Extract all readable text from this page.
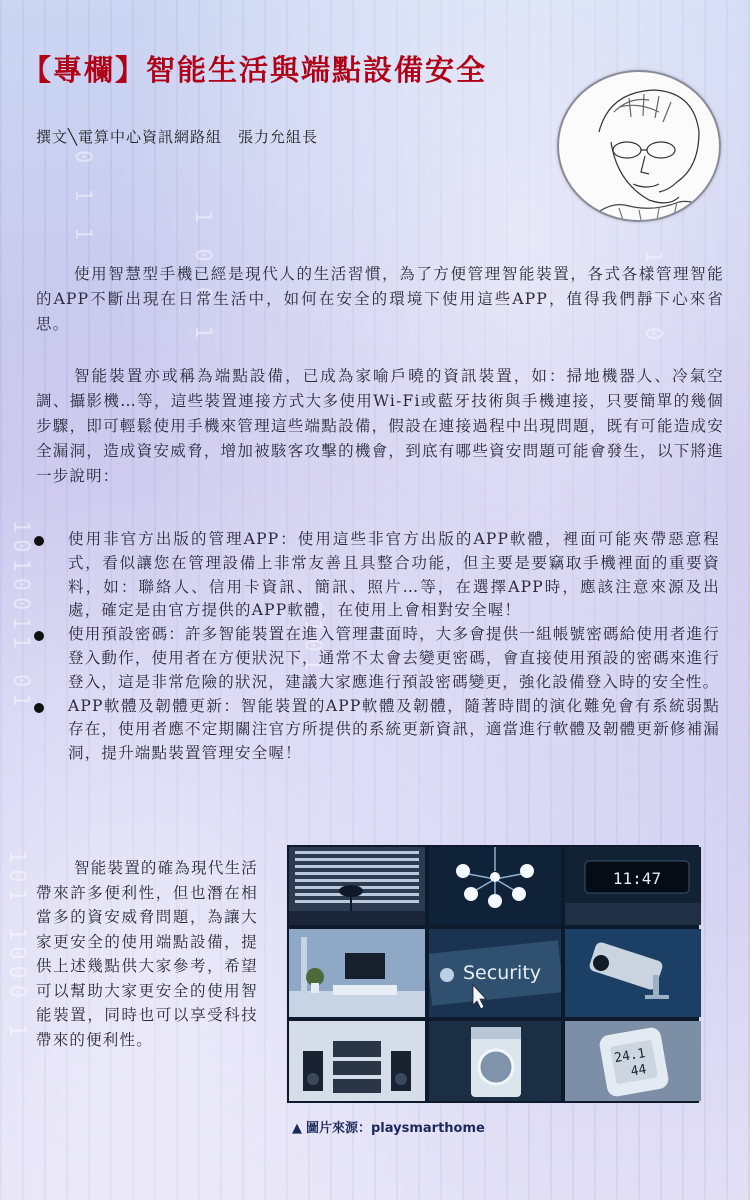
1010011 01
0 1 1 0	1 0 0 1
0101
1 1 0
101 1000 1
【專欄】智能生活與端點設備安全
撰文╲電算中心資訊網路組　張力允組長
使用智慧型手機已經是現代人的生活習慣，為了方便管理智能裝置，各式各樣管理智能的APP不斷出現在日常生活中，如何在安全的環境下使用這些APP，值得我們靜下心來省思。
智能裝置亦或稱為端點設備，已成為家喻戶曉的資訊裝置，如：掃地機器人、冷氣空調、攝影機…等，這些裝置連接方式大多使用Wi-Fi或藍牙技術與手機連接，只要簡單的幾個步驟，即可輕鬆使用手機來管理這些端點設備，假設在連接過程中出現問題，既有可能造成安全漏洞，造成資安威脅，增加被駭客攻擊的機會，到底有哪些資安問題可能會發生，以下將進一步說明：
使用非官方出版的管理APP：使用這些非官方出版的APP軟體，裡面可能夾帶惡意程式，看似讓您在管理設備上非常友善且具整合功能，但主要是要竊取手機裡面的重要資料，如：聯絡人、信用卡資訊、簡訊、照片…等，在選擇APP時，應該注意來源及出處，確定是由官方提供的APP軟體，在使用上會相對安全喔！
使用預設密碼：許多智能裝置在進入管理畫面時，大多會提供一組帳號密碼給使用者進行登入動作，使用者在方便狀況下，通常不太會去變更密碼，會直接使用預設的密碼來進行登入，這是非常危險的狀況，建議大家應進行預設密碼變更，強化設備登入時的安全性。
APP軟體及韌體更新：智能裝置的APP軟體及韌體，隨著時間的演化難免會有系統弱點存在，使用者應不定期關注官方所提供的系統更新資訊，適當進行軟體及韌體更新修補漏洞，提升端點裝置管理安全喔！
智能裝置的確為現代生活帶來許多便利性，但也潛在相當多的資安威脅問題，為讓大家更安全的使用端點設備，提供上述幾點供大家參考，希望可以幫助大家更安全的使用智能裝置，同時也可以享受科技帶來的便利性。
11:47
Security
24.1
44
▲ 圖片來源：playsmarthome
